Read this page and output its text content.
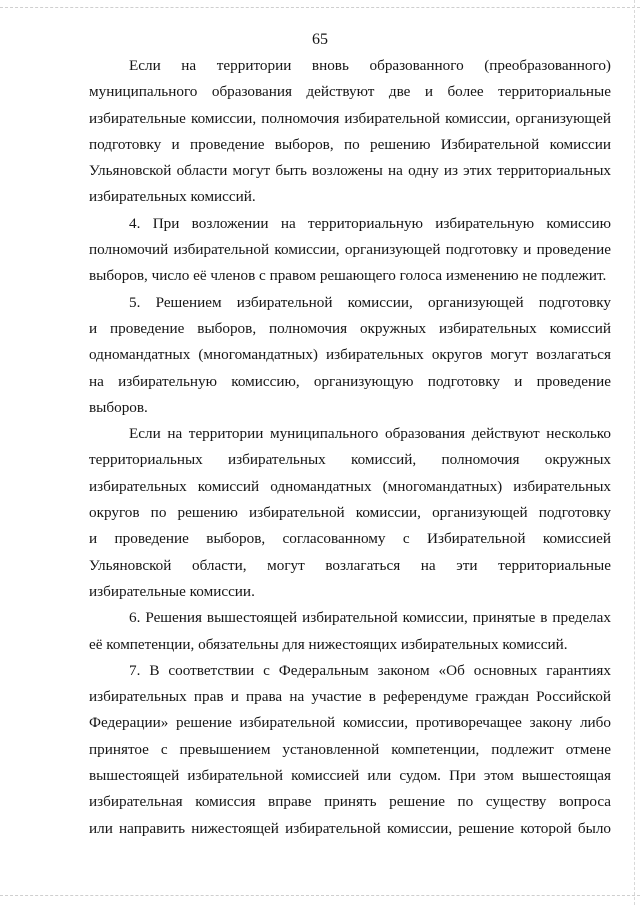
65
Если на территории вновь образованного (преобразованного)
муниципального образования действуют две и более территориальные
избирательные комиссии, полномочия избирательной комиссии, организующей
подготовку и проведение выборов, по решению Избирательной комиссии
Ульяновской области могут быть возложены на одну из этих территориальных
избирательных комиссий.
4. При возложении на территориальную избирательную комиссию
полномочий избирательной комиссии, организующей подготовку и проведение
выборов, число её членов с правом решающего голоса изменению не подлежит.
5. Решением избирательной комиссии, организующей подготовку
и проведение выборов, полномочия окружных избирательных комиссий
одномандатных (многомандатных) избирательных округов могут возлагаться
на избирательную комиссию, организующую подготовку и проведение
выборов.
Если на территории муниципального образования действуют несколько
территориальных избирательных комиссий, полномочия окружных
избирательных комиссий одномандатных (многомандатных) избирательных
округов по решению избирательной комиссии, организующей подготовку
и проведение выборов, согласованному с Избирательной комиссией
Ульяновской области, могут возлагаться на эти территориальные
избирательные комиссии.
6. Решения вышестоящей избирательной комиссии, принятые в пределах
её компетенции, обязательны для нижестоящих избирательных комиссий.
7. В соответствии с Федеральным законом «Об основных гарантиях
избирательных прав и права на участие в референдуме граждан Российской
Федерации» решение избирательной комиссии, противоречащее закону либо
принятое с превышением установленной компетенции, подлежит отмене
вышестоящей избирательной комиссией или судом. При этом вышестоящая
избирательная комиссия вправе принять решение по существу вопроса
или направить нижестоящей избирательной комиссии, решение которой было
